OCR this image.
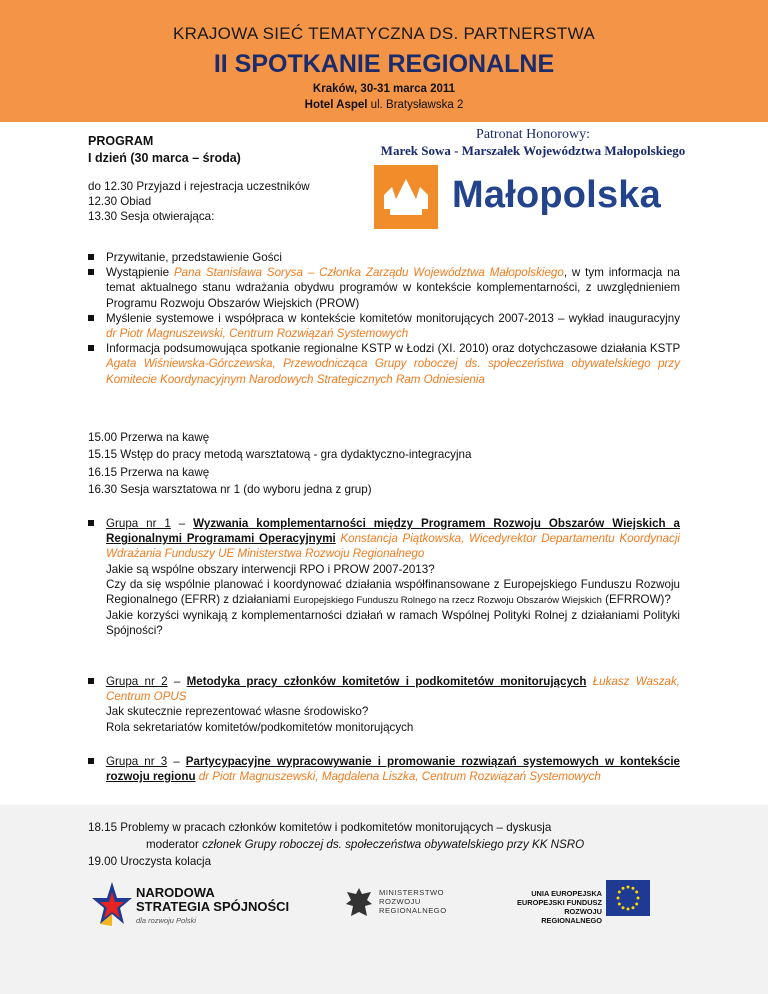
KRAJOWA SIEĆ TEMATYCZNA DS. PARTNERSTWA
II SPOTKANIE REGIONALNE
Kraków, 30-31 marca 2011
Hotel Aspel ul. Bratysławska 2
PROGRAM
I dzień (30 marca – środa)
Patronat Honorowy:
Marek Sowa - Marszałek Województwa Małopolskiego
Małopolska
do 12.30 Przyjazd i rejestracja uczestników
12.30 Obiad
13.30 Sesja otwierająca:
Przywitanie, przedstawienie Gości
Wystąpienie Pana Stanisława Sorysa – Członka Zarządu Województwa Małopolskiego, w tym informacja na temat aktualnego stanu wdrażania obydwu programów w kontekście komplementarności, z uwzględnieniem Programu Rozwoju Obszarów Wiejskich (PROW)
Myślenie systemowe i współpraca w kontekście komitetów monitorujących 2007-2013 – wykład inauguracyjny dr Piotr Magnuszewski, Centrum Rozwiązań Systemowych
Informacja podsumowująca spotkanie regionalne KSTP w Łodzi (XI. 2010) oraz dotychczasowe działania KSTP Agata Wiśniewska-Górczewska, Przewodnicząca Grupy roboczej ds. społeczeństwa obywatelskiego przy Komitecie Koordynacyjnym Narodowych Strategicznych Ram Odniesienia
15.00 Przerwa na kawę
15.15 Wstęp do pracy metodą warsztatową - gra dydaktyczno-integracyjna
16.15 Przerwa na kawę
16.30 Sesja warsztatowa nr 1 (do wyboru jedna z grup)
Grupa nr 1 – Wyzwania komplementarności między Programem Rozwoju Obszarów Wiejskich a Regionalnymi Programami Operacyjnymi Konstancja Piątkowska, Wicedyrektor Departamentu Koordynacji Wdrażania Funduszy UE Ministerstwa Rozwoju Regionalnego
Jakie są wspólne obszary interwencji RPO i PROW 2007-2013?
Czy da się wspólnie planować i koordynować działania współfinansowane z Europejskiego Funduszu Rozwoju Regionalnego (EFRR) z działaniami Europejskiego Funduszu Rolnego na rzecz Rozwoju Obszarów Wiejskich (EFRROW)?
Jakie korzyści wynikają z komplementarności działań w ramach Wspólnej Polityki Rolnej z działaniami Polityki Spójności?
Grupa nr 2 – Metodyka pracy członków komitetów i podkomitetów monitorujących Łukasz Waszak, Centrum OPUS
Jak skutecznie reprezentować własne środowisko?
Rola sekretariatów komitetów/podkomitetów monitorujących
Grupa nr 3 – Partycypacyjne wypracowywanie i promowanie rozwiązań systemowych w kontekście rozwoju regionu dr Piotr Magnuszewski, Magdalena Liszka, Centrum Rozwiązań Systemowych
18.15 Problemy w pracach członków komitetów i podkomitetów monitorujących – dyskusja
moderator członek Grupy roboczej ds. społeczeństwa obywatelskiego przy KK NSRO
19.00 Uroczysta kolacja
NARODOWA
STRATEGIA SPÓJNOŚCI
dla rozwoju Polski
MINISTERSTWO
ROZWOJU
REGIONALNEGO
UNIA EUROPEJSKA
EUROPEJSKI FUNDUSZ
ROZWOJU REGIONALNEGO
